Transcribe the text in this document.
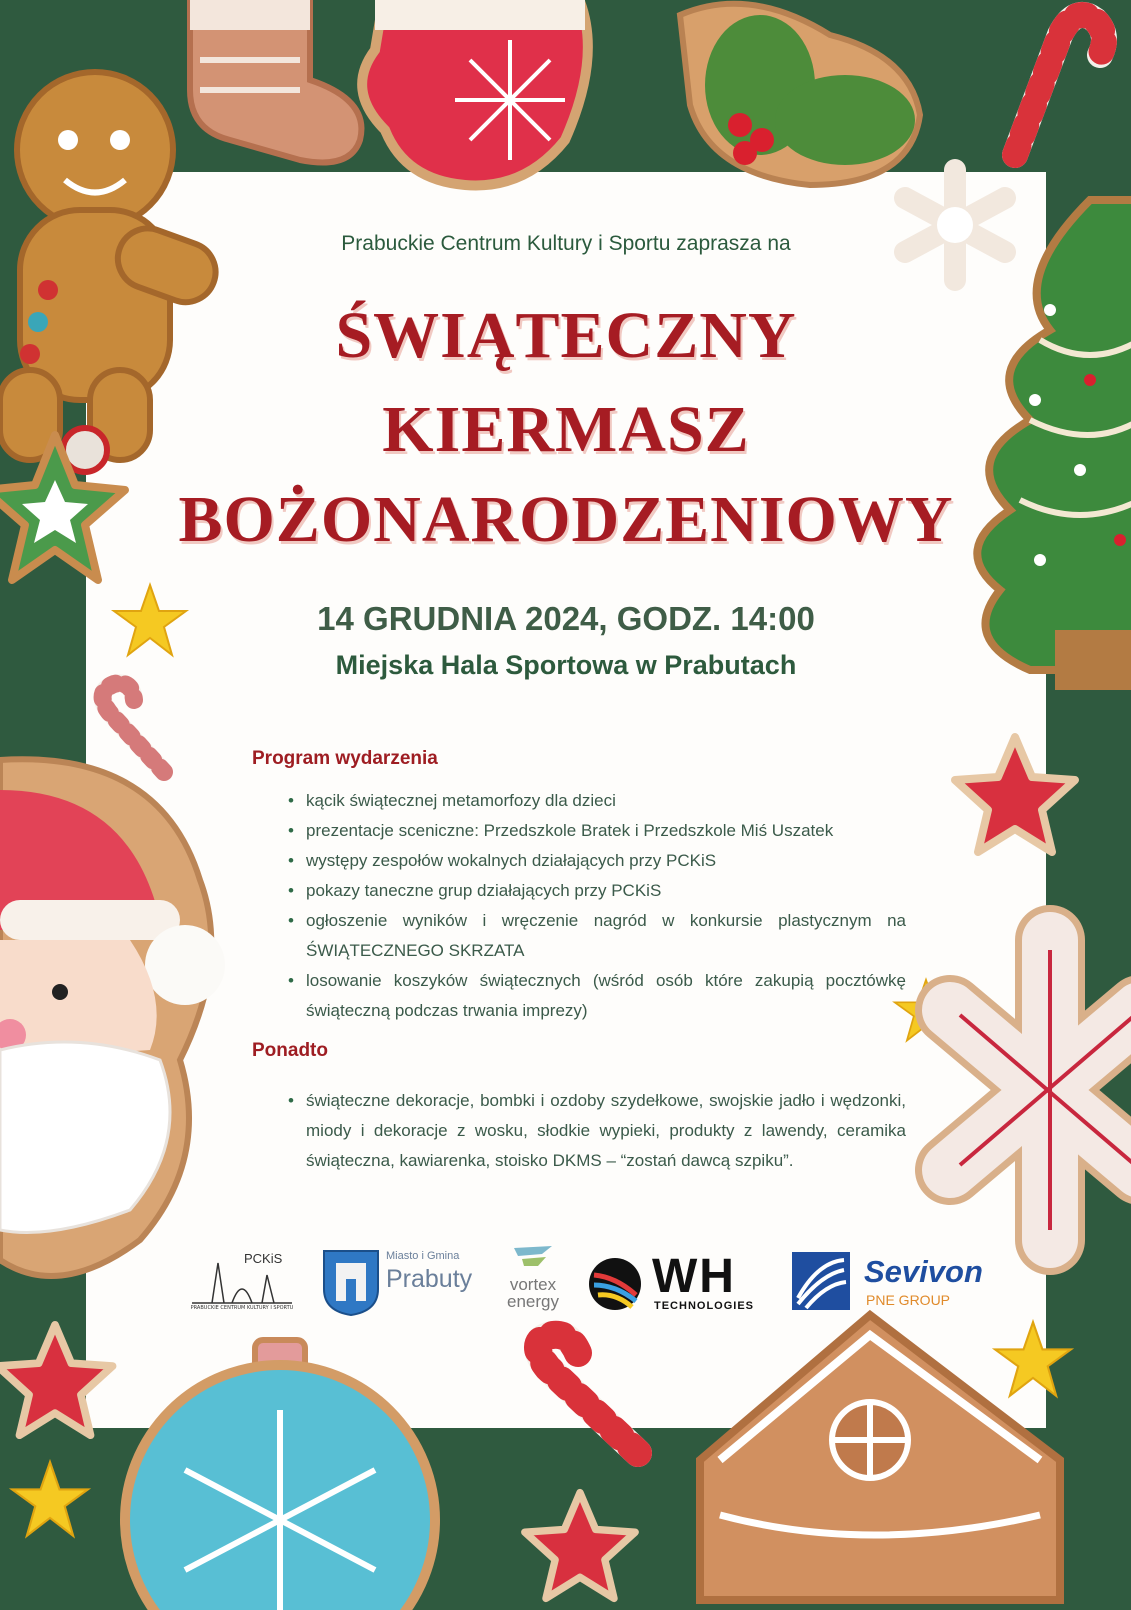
Prabuckie Centrum Kultury i Sportu zaprasza na
ŚWIĄTECZNY
KIERMASZ
BOŻONARODZENIOWY
14 GRUDNIA 2024, GODZ. 14:00
Miejska Hala Sportowa w Prabutach
Program wydarzenia
• kącik świątecznej metamorfozy dla dzieci
• prezentacje sceniczne: Przedszkole Bratek i Przedszkole Miś Uszatek
• występy zespołów wokalnych działających przy PCKiS
• pokazy taneczne grup działających przy PCKiS
• ogłoszenie wyników i wręczenie nagród w konkursie plastycznym na ŚWIĄTECZNEGO SKRZATA
• losowanie koszyków świątecznych (wśród osób które zakupią pocztówkę świąteczną podczas trwania imprezy)
Ponadto
• świąteczne dekoracje, bombki i ozdoby szydełkowe, swojskie jadło i wędzonki, miody i dekoracje z wosku, słodkie wypieki, produkty z lawendy, ceramika świąteczna, kawiarenka, stoisko DKMS – “zostań dawcą szpiku”.
PCKiS
PRABUCKIE CENTRUM KULTURY I SPORTU
Miasto i Gmina
Prabuty	vortex
energy WH
TECHNOLOGIES
Sevivon
PNE GROUP
